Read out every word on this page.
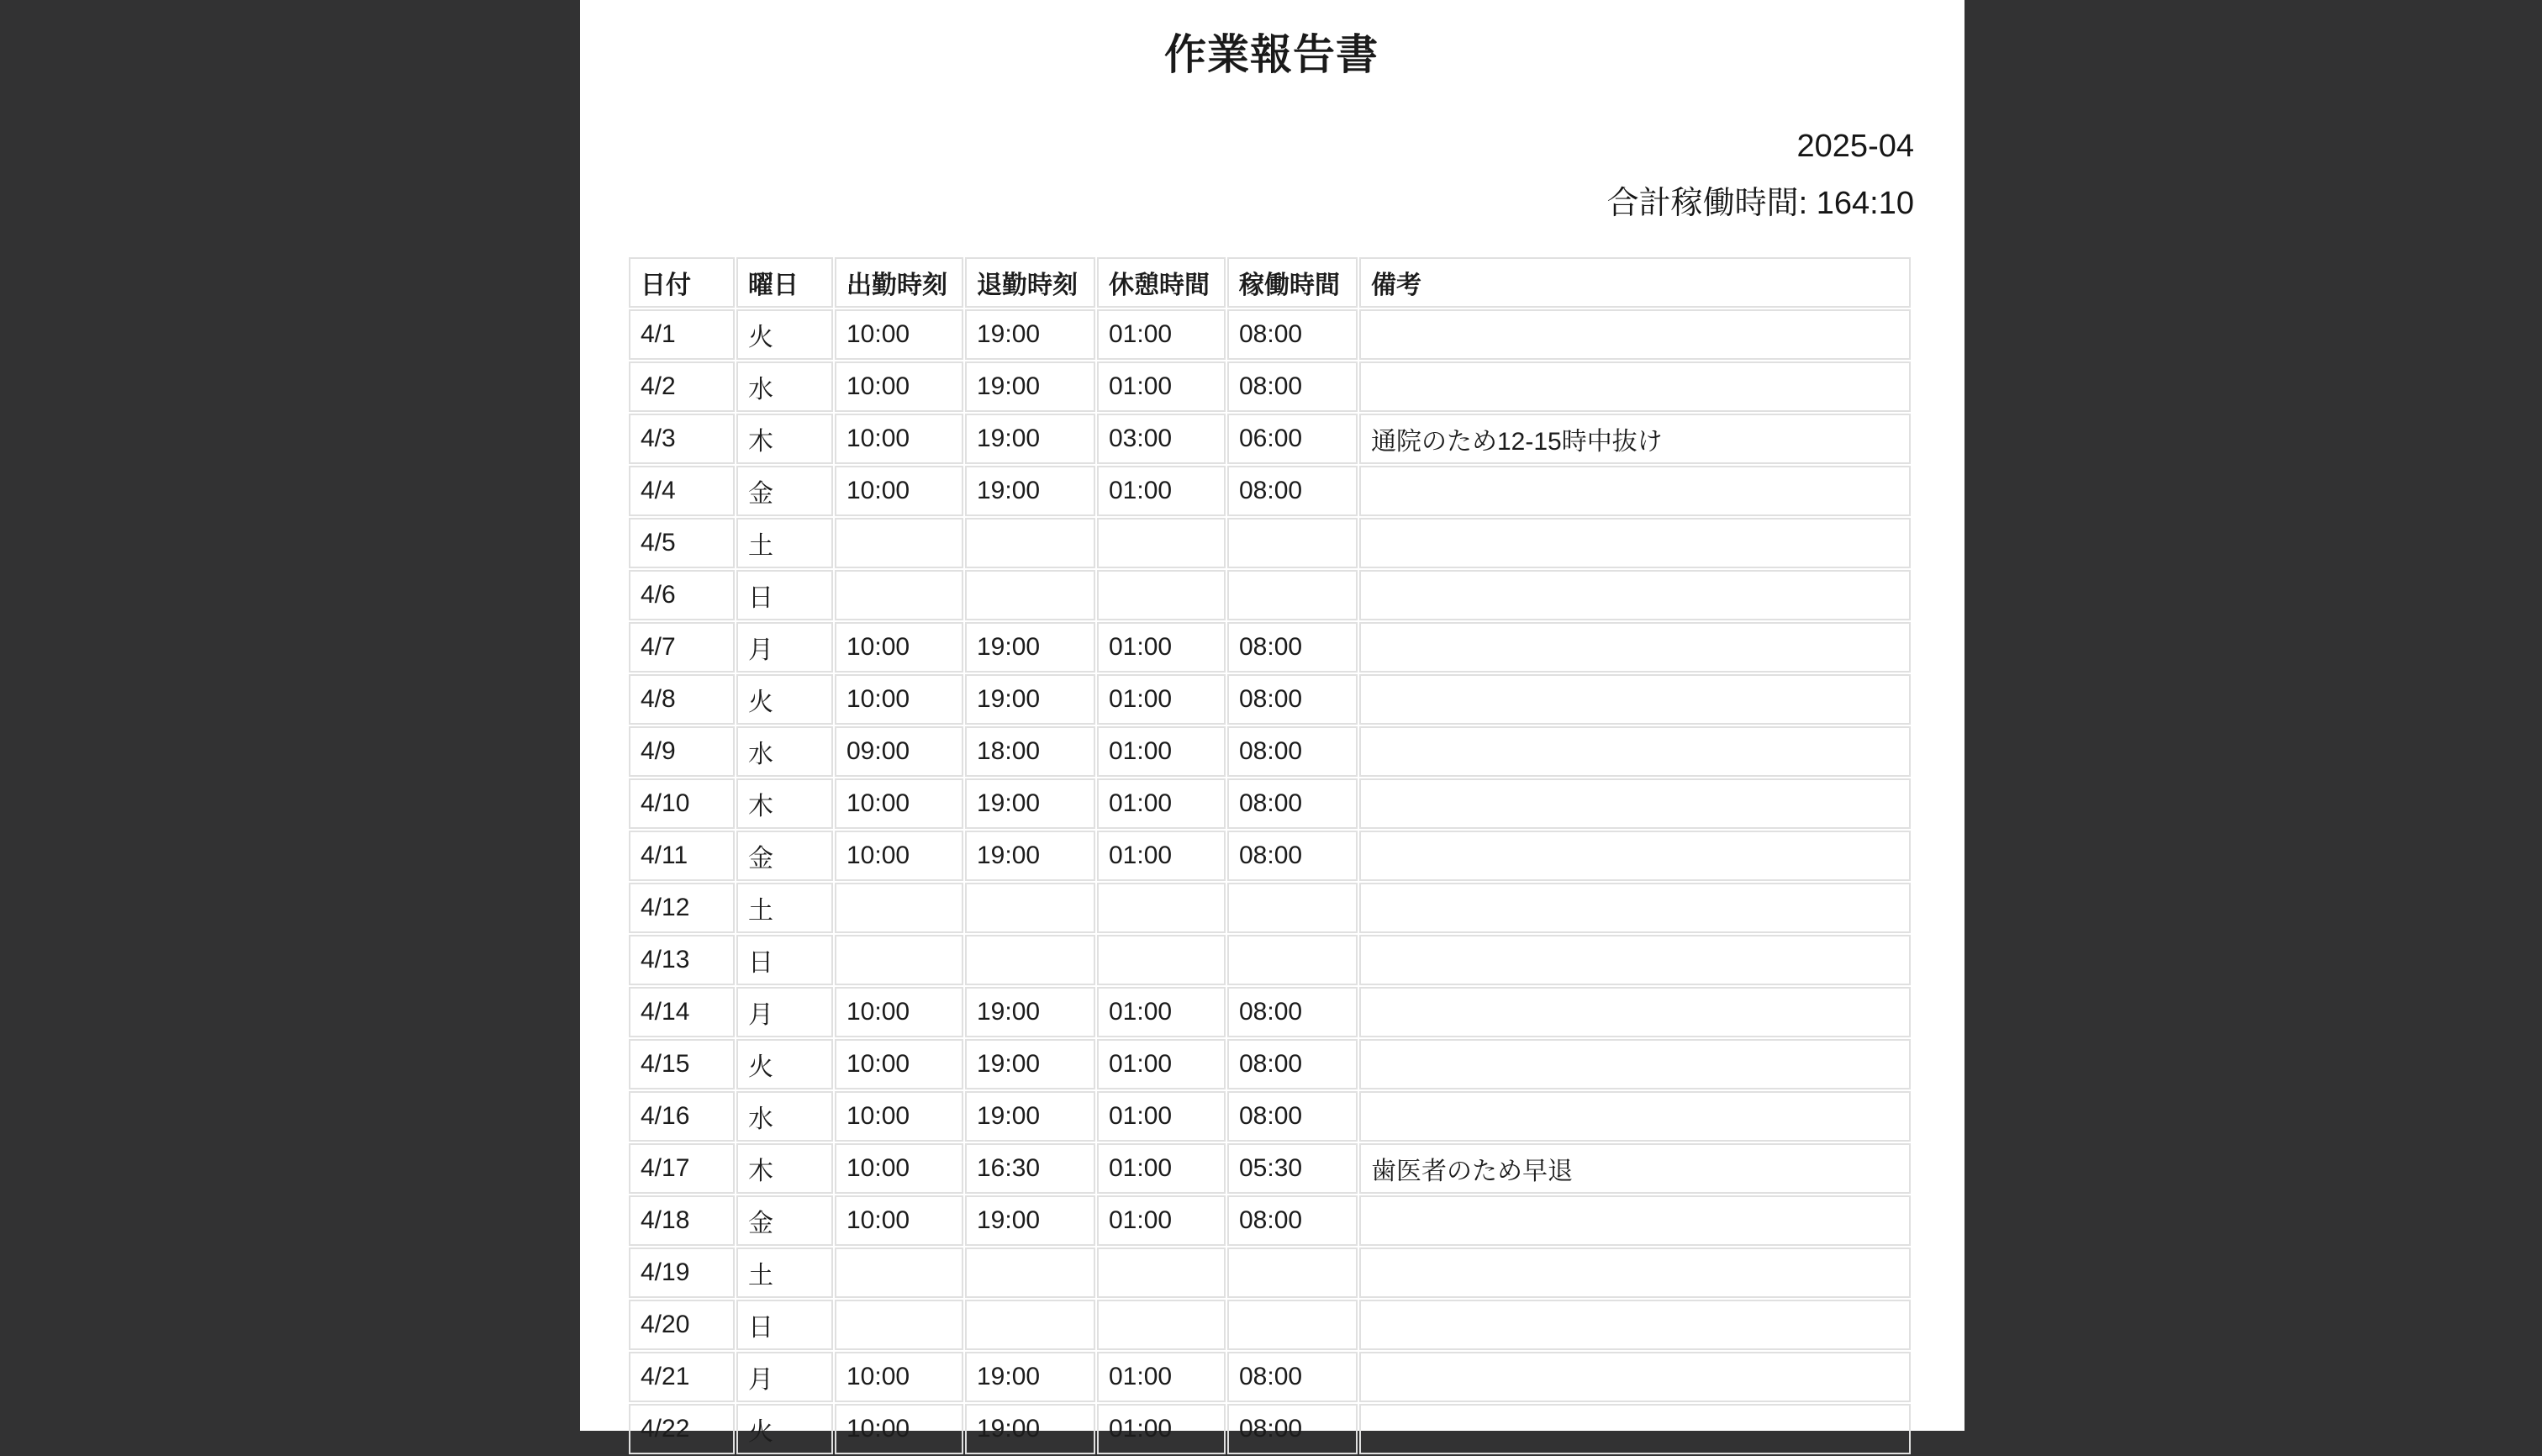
作業報告書
2025-04
合計稼働時間: 164:10
日付	曜日	出勤時刻	退勤時刻	休憩時間	稼働時間	備考
4/1	火	10:00	19:00	01:00	08:00	
4/2	水	10:00	19:00	01:00	08:00	
4/3	木	10:00	19:00	03:00	06:00	通院のため12-15時中抜け
4/4	金	10:00	19:00	01:00	08:00	
4/5	土					
4/6	日					
4/7	月	10:00	19:00	01:00	08:00	
4/8	火	10:00	19:00	01:00	08:00	
4/9	水	09:00	18:00	01:00	08:00	
4/10	木	10:00	19:00	01:00	08:00	
4/11	金	10:00	19:00	01:00	08:00	
4/12	土					
4/13	日					
4/14	月	10:00	19:00	01:00	08:00	
4/15	火	10:00	19:00	01:00	08:00	
4/16	水	10:00	19:00	01:00	08:00	
4/17	木	10:00	16:30	01:00	05:30	歯医者のため早退
4/18	金	10:00	19:00	01:00	08:00	
4/19	土					
4/20	日					
4/21	月	10:00	19:00	01:00	08:00	
4/22	火	10:00	19:00	01:00	08:00	
